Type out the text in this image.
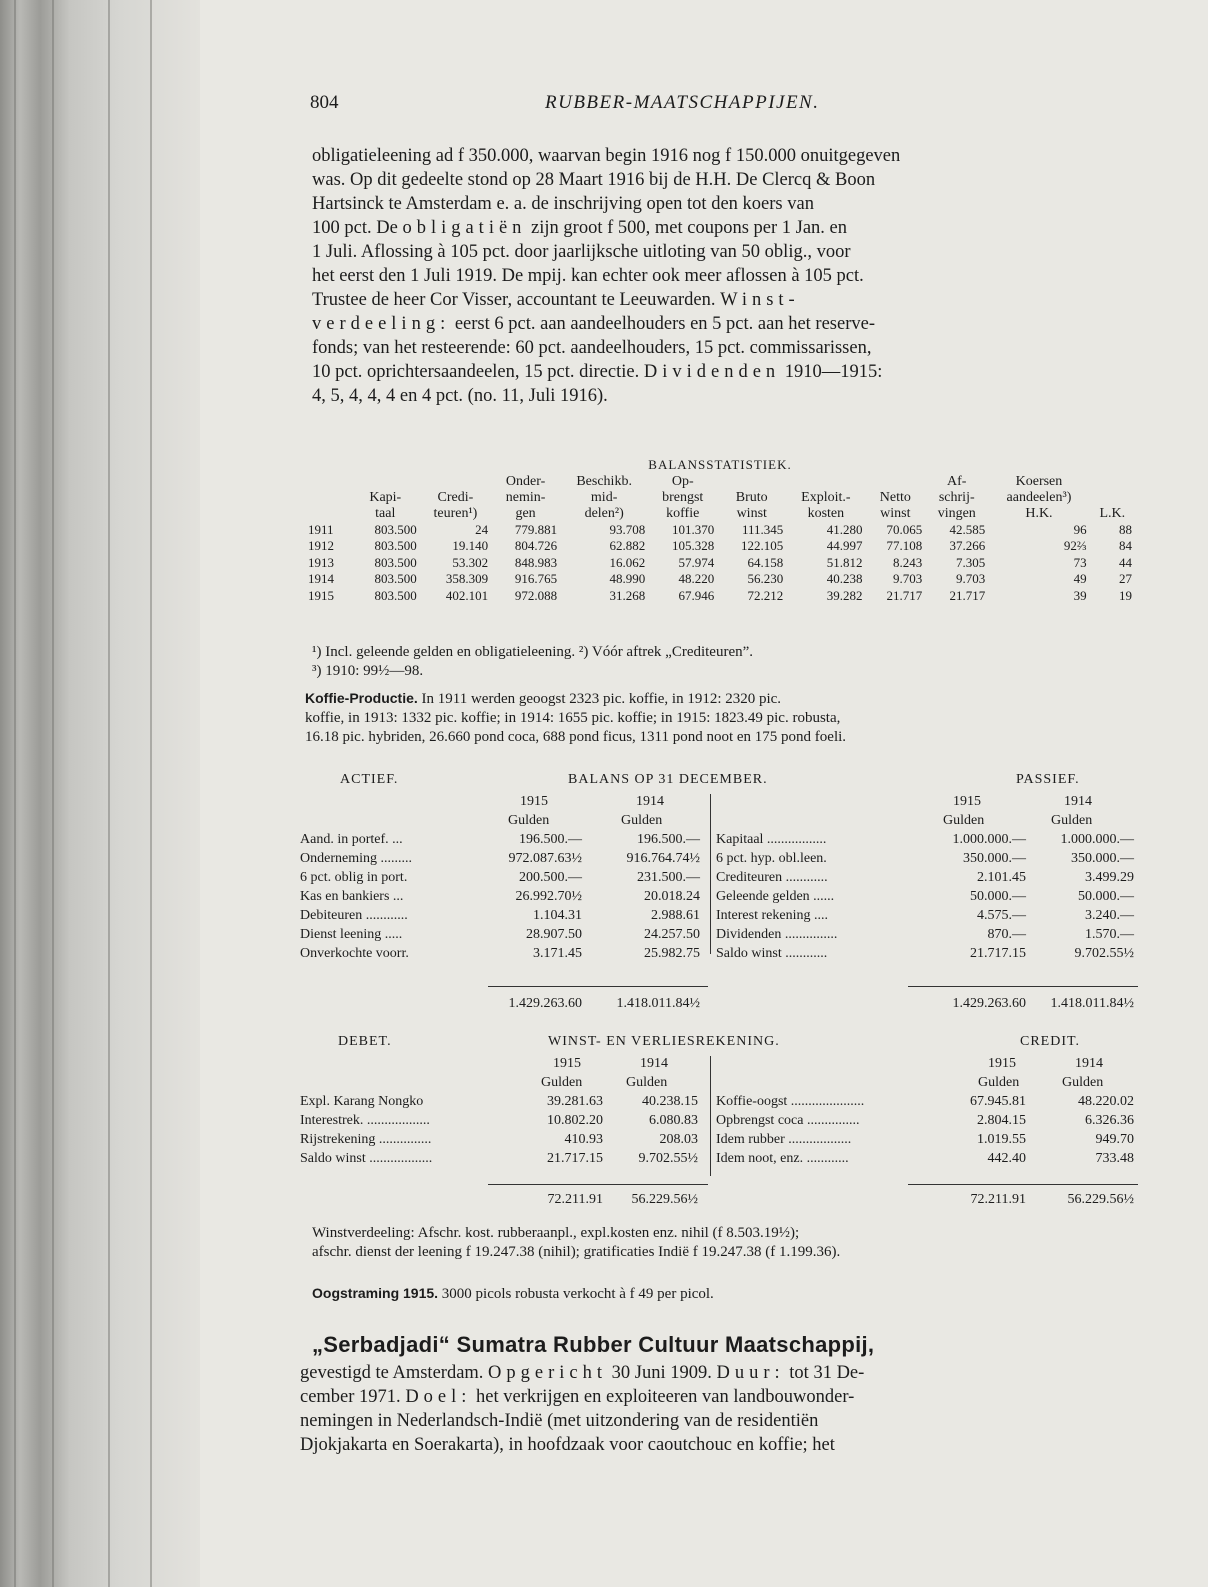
804	RUBBER-MAATSCHAPPIJEN.
obligatieleening ad f 350.000, waarvan begin 1916 nog f 150.000 onuitgegeven
was. Op dit gedeelte stond op 28 Maart 1916 bij de H.H. De Clercq & Boon
Hartsinck te Amsterdam e. a. de inschrijving open tot den koers van
100 pct. De obligatiën zijn groot f 500, met coupons per 1 Jan. en
1 Juli. Aflossing à 105 pct. door jaarlijksche uitloting van 50 oblig., voor
het eerst den 1 Juli 1919. De mpij. kan echter ook meer aflossen à 105 pct.
Trustee de heer Cor Visser, accountant te Leeuwarden. Winst-
verdeeling: eerst 6 pct. aan aandeelhouders en 5 pct. aan het reserve-
fonds; van het resteerende: 60 pct. aandeelhouders, 15 pct. commissarissen,
10 pct. oprichtersaandeelen, 15 pct. directie. Dividenden 1910—1915:
4, 5, 4, 4, 4 en 4 pct. (no. 11, Juli 1916).
BALANSSTATISTIEK.
			Onder-	Beschikb.	Op-				Af-	Koersen	
	Kapi-	Credi-	nemin-	mid-	brengst	Bruto	Exploit.-	Netto	schrij-	aandeelen³)	
	taal	teuren¹)	gen	delen²)	koffie	winst	kosten	winst	vingen	H.K.	L.K.
1911	803.500	24	779.881	93.708	101.370	111.345	41.280	70.065	42.585	96	88
1912	803.500	19.140	804.726	62.882	105.328	122.105	44.997	77.108	37.266	92⅔	84
1913	803.500	53.302	848.983	16.062	57.974	64.158	51.812	8.243	7.305	73	44
1914	803.500	358.309	916.765	48.990	48.220	56.230	40.238	9.703	9.703	49	27
1915	803.500	402.101	972.088	31.268	67.946	72.212	39.282	21.717	21.717	39	19
¹) Incl. geleende gelden en obligatieleening. ²) Vóór aftrek „Crediteuren”.
³) 1910: 99½—98.
Koffie-Productie. In 1911 werden geoogst 2323 pic. koffie, in 1912: 2320 pic.
koffie, in 1913: 1332 pic. koffie; in 1914: 1655 pic. koffie; in 1915: 1823.49 pic. robusta,
16.18 pic. hybriden, 26.660 pond coca, 688 pond ficus, 1311 pond noot en 175 pond foeli.
ACTIEF.	BALANS OP 31 DECEMBER.	PASSIEF.
1915	1914	1915	1914
Gulden	Gulden	Gulden	Gulden
Aand. in portef. ...	196.500.—	196.500.— Kapitaal .................	1.000.000.— 1.000.000.—
Onderneming .........	972.087.63½	916.764.74½ 6 pct. hyp. obl.leen.	350.000.—	350.000.—
6 pct. oblig in port.	200.500.—	231.500.— Crediteuren ............	2.101.45	3.499.29
Kas en bankiers ...	26.992.70½	20.018.24 Geleende gelden ......	50.000.—	50.000.—
Debiteuren ............	1.104.31	2.988.61 Interest rekening ....	4.575.—	3.240.—
Dienst leening .....	28.907.50	24.257.50 Dividenden ...............	870.—	1.570.—
Onverkochte voorr.	3.171.45	25.982.75 Saldo winst ............	21.717.15	9.702.55½
1.429.263.60 1.418.011.84½	1.429.263.60 1.418.011.84½
DEBET.	WINST- EN VERLIESREKENING.	CREDIT.
1915	1914	1915	1914
Gulden	Gulden	Gulden	Gulden
Expl. Karang Nongko	39.281.63	40.238.15 Koffie-oogst .....................	67.945.81	48.220.02
Interestrek. ..................	10.802.20	6.080.83 Opbrengst coca ...............	2.804.15	6.326.36
Rijstrekening ...............	410.93	208.03 Idem rubber ..................	1.019.55	949.70
Saldo winst ..................	21.717.15	9.702.55½ Idem noot, enz. ............	442.40	733.48
72.211.91 56.229.56½	72.211.91	56.229.56½
Winstverdeeling: Afschr. kost. rubberaanpl., expl.kosten enz. nihil (f 8.503.19½);
afschr. dienst der leening f 19.247.38 (nihil); gratificaties Indië f 19.247.38 (f 1.199.36).
Oogstraming 1915. 3000 picols robusta verkocht à f 49 per picol.
„Serbadjadi“ Sumatra Rubber Cultuur Maatschappij,
gevestigd te Amsterdam. Opgericht 30 Juni 1909. Duur: tot 31 De-
cember 1971. Doel: het verkrijgen en exploiteeren van landbouwonder-
nemingen in Nederlandsch-Indië (met uitzondering van de residentiën
Djokjakarta en Soerakarta), in hoofdzaak voor caoutchouc en koffie; het
